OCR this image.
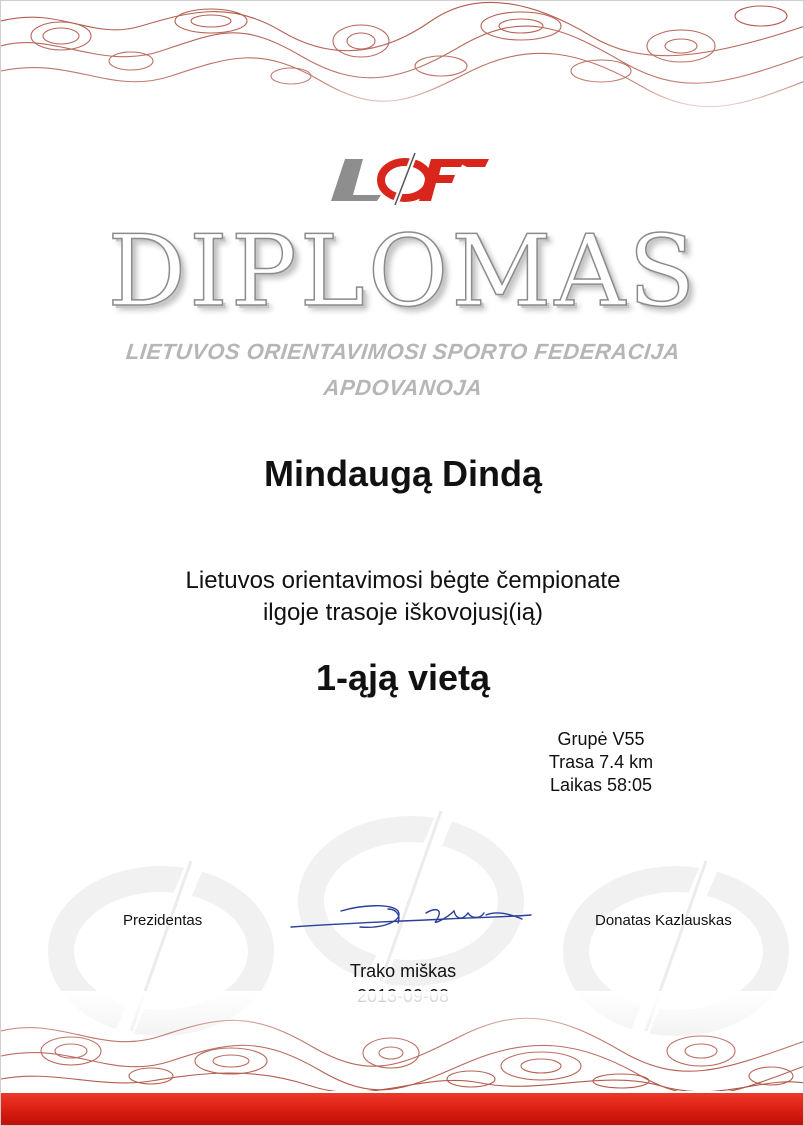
DIPLOMAS
LIETUVOS ORIENTAVIMOSI SPORTO FEDERACIJA
APDOVANOJA
Mindaugą Dindą
Lietuvos orientavimosi bėgte čempionate
ilgoje trasoje iškovojusį(ią)
1-ąją vietą
Grupė V55
Trasa 7.4 km
Laikas 58:05
Prezidentas	Donatas Kazlauskas
Trako miškas
